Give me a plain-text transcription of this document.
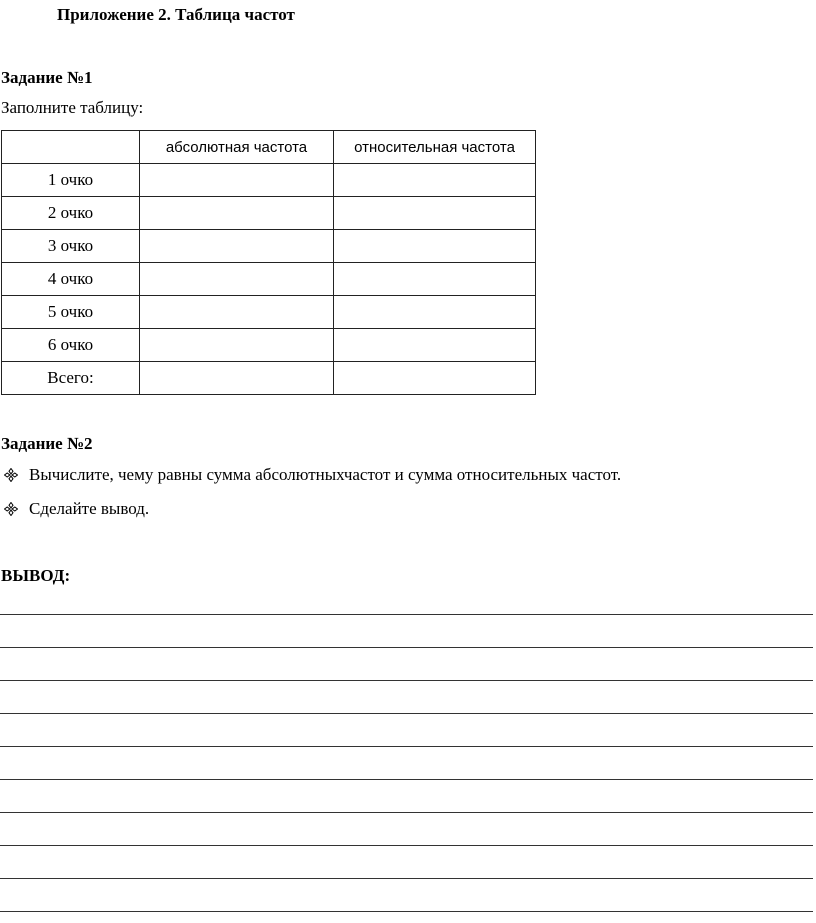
Приложение 2. Таблица частот
Задание №1
Заполните таблицу:
	абсолютная частота	относительная частота
1 очко		
2 очко		
3 очко		
4 очко		
5 очко		
6 очко		
Всего:		
Задание №2
Вычислите, чему равны сумма абсолютныхчастот и сумма относительных частот.
Сделайте вывод.
ВЫВОД:
